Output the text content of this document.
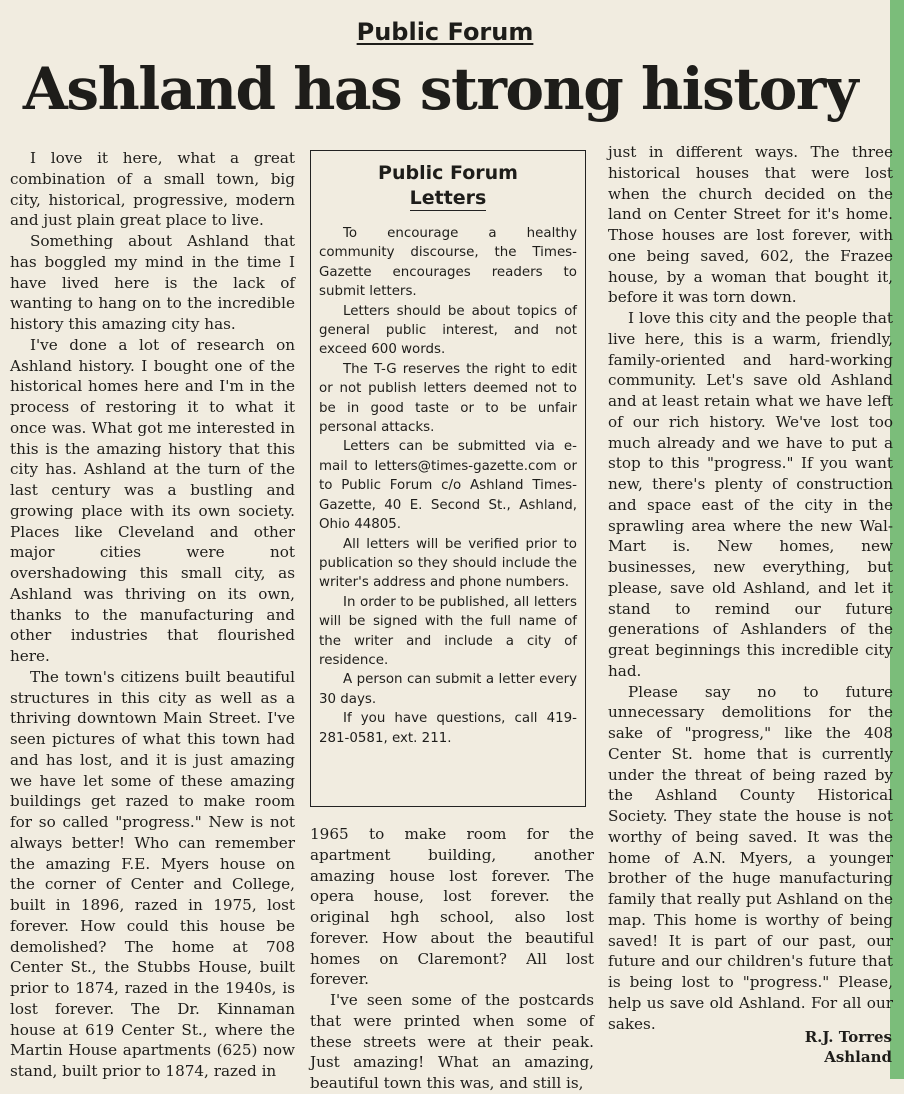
Public Forum
Ashland has strong history

I love it here, what a great combination of a small town, big city, historical, progressive, modern and just plain great place to live.

Something about Ashland that has boggled my mind in the time I have lived here is the lack of wanting to hang on to the incredible history this amazing city has.

I've done a lot of research on Ashland history. I bought one of the historical homes here and I'm in the process of restoring it to what it once was. What got me interested in this is the amazing history that this city has. Ashland at the turn of the last century was a bustling and growing place with its own society. Places like Cleveland and other major cities were not overshadowing this small city, as Ashland was thriving on its own, thanks to the manufacturing and other industries that flourished here.

The town's citizens built beautiful structures in this city as well as a thriving downtown Main Street. I've seen pictures of what this town had and has lost, and it is just amazing we have let some of these amazing buildings get razed to make room for so called "progress." New is not always better! Who can remember the amazing F.E. Myers house on the corner of Center and College, built in 1896, razed in 1975, lost forever. How could this house be demolished? The home at 708 Center St., the Stubbs House, built prior to 1874, razed in the 1940s, is lost forever. The Dr. Kinnaman house at 619 Center St., where the Martin House apartments (625) now stand, built prior to 1874, razed in

Public Forum
Letters

To encourage a healthy community discourse, the Times-Gazette encourages readers to submit letters.

Letters should be about topics of general public interest, and not exceed 600 words.

The T-G reserves the right to edit or not publish letters deemed not to be in good taste or to be unfair personal attacks.

Letters can be submitted via e-mail to letters@times-gazette.com or to Public Forum c/o Ashland Times-Gazette, 40 E. Second St., Ashland, Ohio 44805.

All letters will be verified prior to publication so they should include the writer's address and phone numbers.

In order to be published, all letters will be signed with the full name of the writer and include a city of residence.

A person can submit a letter every 30 days.

If you have questions, call 419-281-0581, ext. 211.

1965 to make room for the apartment building, another amazing house lost forever. The opera house, lost forever. the original hgh school, also lost forever. How about the beautiful homes on Claremont? All lost forever.

I've seen some of the postcards that were printed when some of these streets were at their peak. Just amazing! What an amazing, beautiful town this was, and still is,

just in different ways. The three historical houses that were lost when the church decided on the land on Center Street for it's home. Those houses are lost forever, with one being saved, 602, the Frazee house, by a woman that bought it, before it was torn down.

I love this city and the people that live here, this is a warm, friendly, family-oriented and hard-working community. Let's save old Ashland and at least retain what we have left of our rich history. We've lost too much already and we have to put a stop to this "progress." If you want new, there's plenty of construction and space east of the city in the sprawling area where the new Wal-Mart is. New homes, new businesses, new everything, but please, save old Ashland, and let it stand to remind our future generations of Ashlanders of the great beginnings this incredible city had.

Please say no to future unnecessary demolitions for the sake of "progress," like the 408 Center St. home that is currently under the threat of being razed by the Ashland County Historical Society. They state the house is not worthy of being saved. It was the home of A.N. Myers, a younger brother of the huge manufacturing family that really put Ashland on the map. This home is worthy of being saved! It is part of our past, our future and our children's future that is being lost to "progress." Please, help us save old Ashland. For all our sakes.

R.J. Torres
Ashland
